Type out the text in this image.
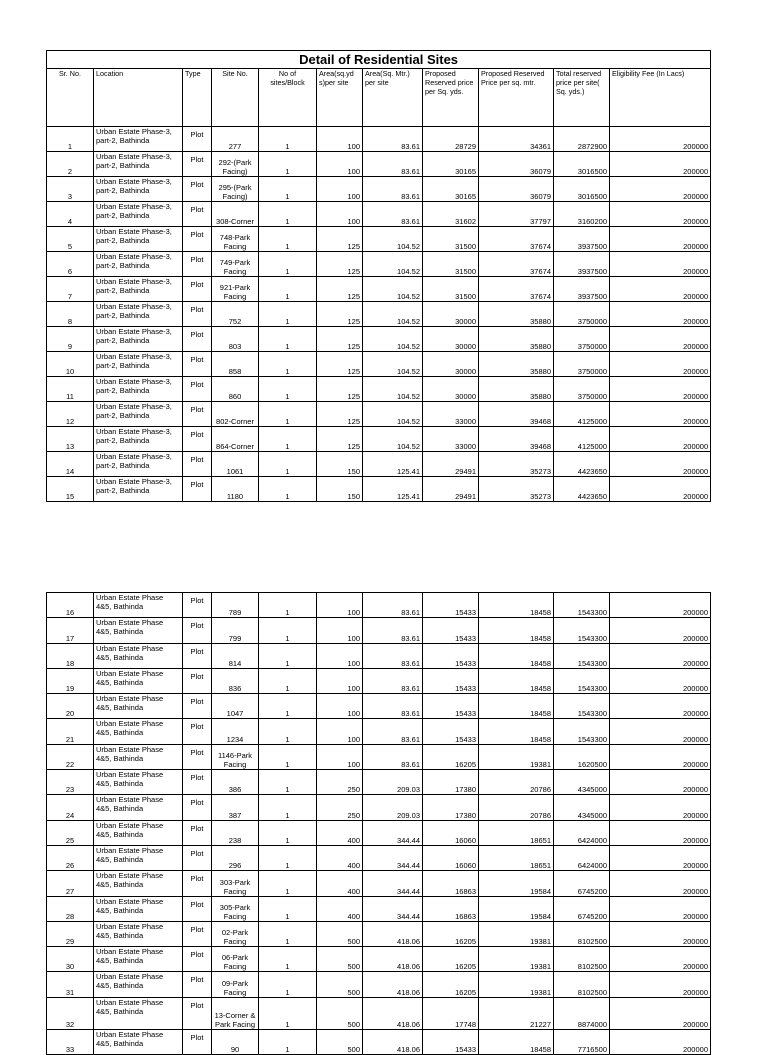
Detail of Residential Sites										
Sr. No.	Location	Type	Site No.	No of sites/Block	Area(sq.yd s)per site	Area(Sq. Mtr.) per site	Proposed Reserved price per Sq. yds.	Proposed Reserved Price per sq. mtr.	Total reserved price per site( Sq. yds.)	Eligibility Fee (In Lacs)
1	Urban Estate Phase-3, part-2, Bathinda	Plot	277	1	100	83.61	28729	34361	2872900	200000
2	Urban Estate Phase-3, part-2, Bathinda	Plot	292-(Park Facing)	1	100	83.61	30165	36079	3016500	200000
3	Urban Estate Phase-3, part-2, Bathinda	Plot	295-(Park Facing)	1	100	83.61	30165	36079	3016500	200000
4	Urban Estate Phase-3, part-2, Bathinda	Plot	308-Corner	1	100	83.61	31602	37797	3160200	200000
5	Urban Estate Phase-3, part-2, Bathinda	Plot	748-Park Facing	1	125	104.52	31500	37674	3937500	200000
6	Urban Estate Phase-3, part-2, Bathinda	Plot	749-Park Facing	1	125	104.52	31500	37674	3937500	200000
7	Urban Estate Phase-3, part-2, Bathinda	Plot	921-Park Facing	1	125	104.52	31500	37674	3937500	200000
8	Urban Estate Phase-3, part-2, Bathinda	Plot	752	1	125	104.52	30000	35880	3750000	200000
9	Urban Estate Phase-3, part-2, Bathinda	Plot	803	1	125	104.52	30000	35880	3750000	200000
10	Urban Estate Phase-3, part-2, Bathinda	Plot	858	1	125	104.52	30000	35880	3750000	200000
11	Urban Estate Phase-3, part-2, Bathinda	Plot	860	1	125	104.52	30000	35880	3750000	200000
12	Urban Estate Phase-3, part-2, Bathinda	Plot	802-Corner	1	125	104.52	33000	39468	4125000	200000
13	Urban Estate Phase-3, part-2, Bathinda	Plot	864-Corner	1	125	104.52	33000	39468	4125000	200000
14	Urban Estate Phase-3, part-2, Bathinda	Plot	1061	1	150	125.41	29491	35273	4423650	200000
15	Urban Estate Phase-3, part-2, Bathinda	Plot	1180	1	150	125.41	29491	35273	4423650	200000
16	Urban Estate Phase 4&5, Bathinda	Plot	789	1	100	83.61	15433	18458	1543300	200000
17	Urban Estate Phase 4&5, Bathinda	Plot	799	1	100	83.61	15433	18458	1543300	200000
18	Urban Estate Phase 4&5, Bathinda	Plot	814	1	100	83.61	15433	18458	1543300	200000
19	Urban Estate Phase 4&5, Bathinda	Plot	836	1	100	83.61	15433	18458	1543300	200000
20	Urban Estate Phase 4&5, Bathinda	Plot	1047	1	100	83.61	15433	18458	1543300	200000
21	Urban Estate Phase 4&5, Bathinda	Plot	1234	1	100	83.61	15433	18458	1543300	200000
22	Urban Estate Phase 4&5, Bathinda	Plot	1146-Park Facing	1	100	83.61	16205	19381	1620500	200000
23	Urban Estate Phase 4&5, Bathinda	Plot	386	1	250	209.03	17380	20786	4345000	200000
24	Urban Estate Phase 4&5, Bathinda	Plot	387	1	250	209.03	17380	20786	4345000	200000
25	Urban Estate Phase 4&5, Bathinda	Plot	238	1	400	344.44	16060	18651	6424000	200000
26	Urban Estate Phase 4&5, Bathinda	Plot	296	1	400	344.44	16060	18651	6424000	200000
27	Urban Estate Phase 4&5, Bathinda	Plot	303-Park Facing	1	400	344.44	16863	19584	6745200	200000
28	Urban Estate Phase 4&5, Bathinda	Plot	305-Park Facing	1	400	344.44	16863	19584	6745200	200000
29	Urban Estate Phase 4&5, Bathinda	Plot	02-Park Facing	1	500	418.06	16205	19381	8102500	200000
30	Urban Estate Phase 4&5, Bathinda	Plot	06-Park Facing	1	500	418.06	16205	19381	8102500	200000
31	Urban Estate Phase 4&5, Bathinda	Plot	09-Park Facing	1	500	418.06	16205	19381	8102500	200000
32	Urban Estate Phase 4&5, Bathinda	Plot	13-Corner & Park Facing	1	500	418.06	17748	21227	8874000	200000
33	Urban Estate Phase 4&5, Bathinda	Plot	90	1	500	418.06	15433	18458	7716500	200000
